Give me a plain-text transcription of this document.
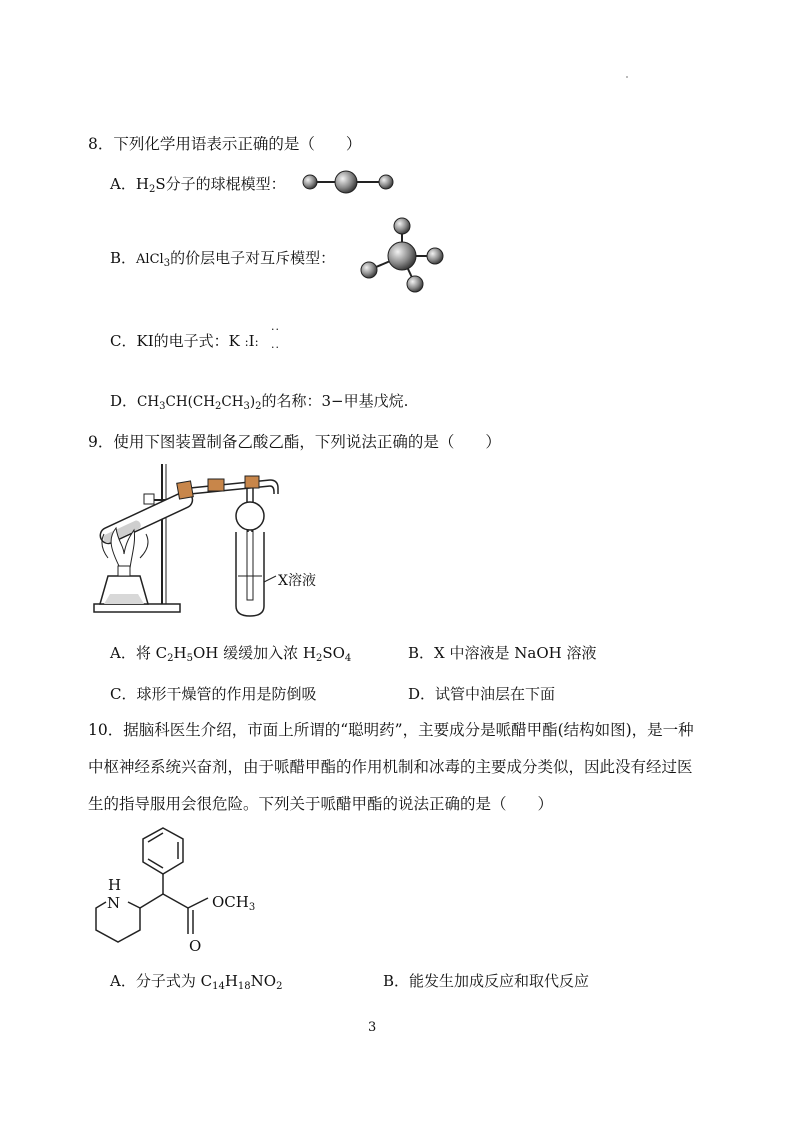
8．下列化学用语表示正确的是（　　）
A．$H_2S$分子的球棍模型：
B．AlCl$_3$的价层电子对互斥模型：
C．KI的电子式：K :I:
··
··
D．$CH_3CH(CH_2CH_3)_2$的名称：3−甲基戊烷.
9．使用下图装置制备乙酸乙酯，下列说法正确的是（　　）
X溶液
A．将 $C_2H_5OH$ 缓缓加入浓 $H_2SO_4$	B．X 中溶液是 NaOH 溶液
C．球形干燥管的作用是防倒吸	D．试管中油层在下面
10．据脑科医生介绍，市面上所谓的“聪明药”，主要成分是哌醋甲酯(结构如图)，是一种
中枢神经系统兴奋剂，由于哌醋甲酯的作用机制和冰毒的主要成分类似，因此没有经过医
生的指导服用会很危险。下列关于哌醋甲酯的说法正确的是（　　）
H
N	$OCH_3$
O
A．分子式为 $C_{14}H_{18}NO_2$	B．能发生加成反应和取代反应
3
